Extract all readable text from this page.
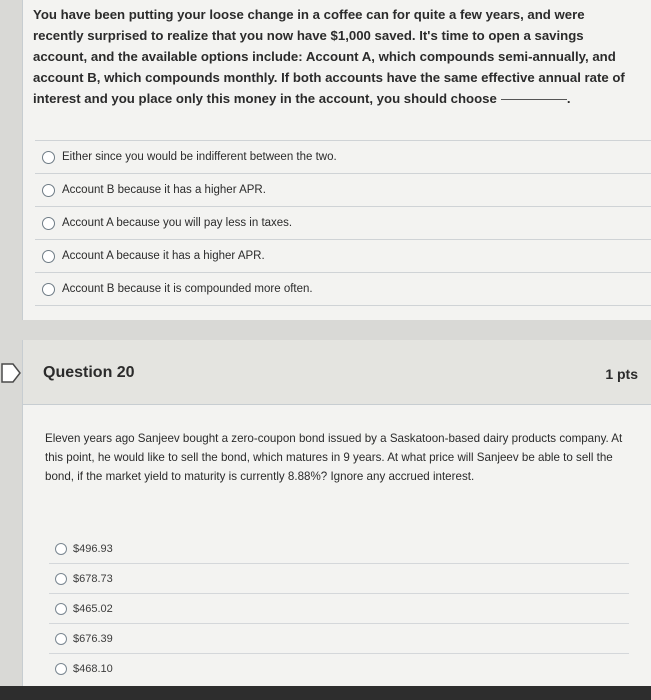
You have been putting your loose change in a coffee can for quite a few years, and were recently surprised to realize that you now have $1,000 saved. It's time to open a savings account, and the available options include: Account A, which compounds semi-annually, and account B, which compounds monthly. If both accounts have the same effective annual rate of interest and you place only this money in the account, you should choose	.

Either since you would be indifferent between the two.
Account B because it has a higher APR.
Account A because you will pay less in taxes.
Account A because it has a higher APR.
Account B because it is compounded more often.
Question 20	1 pts

Eleven years ago Sanjeev bought a zero-coupon bond issued by a Saskatoon-based dairy products company. At this point, he would like to sell the bond, which matures in 9 years. At what price will Sanjeev be able to sell the bond, if the market yield to maturity is currently 8.88%? Ignore any accrued interest.

$496.93
$678.73
$465.02
$676.39
$468.10
